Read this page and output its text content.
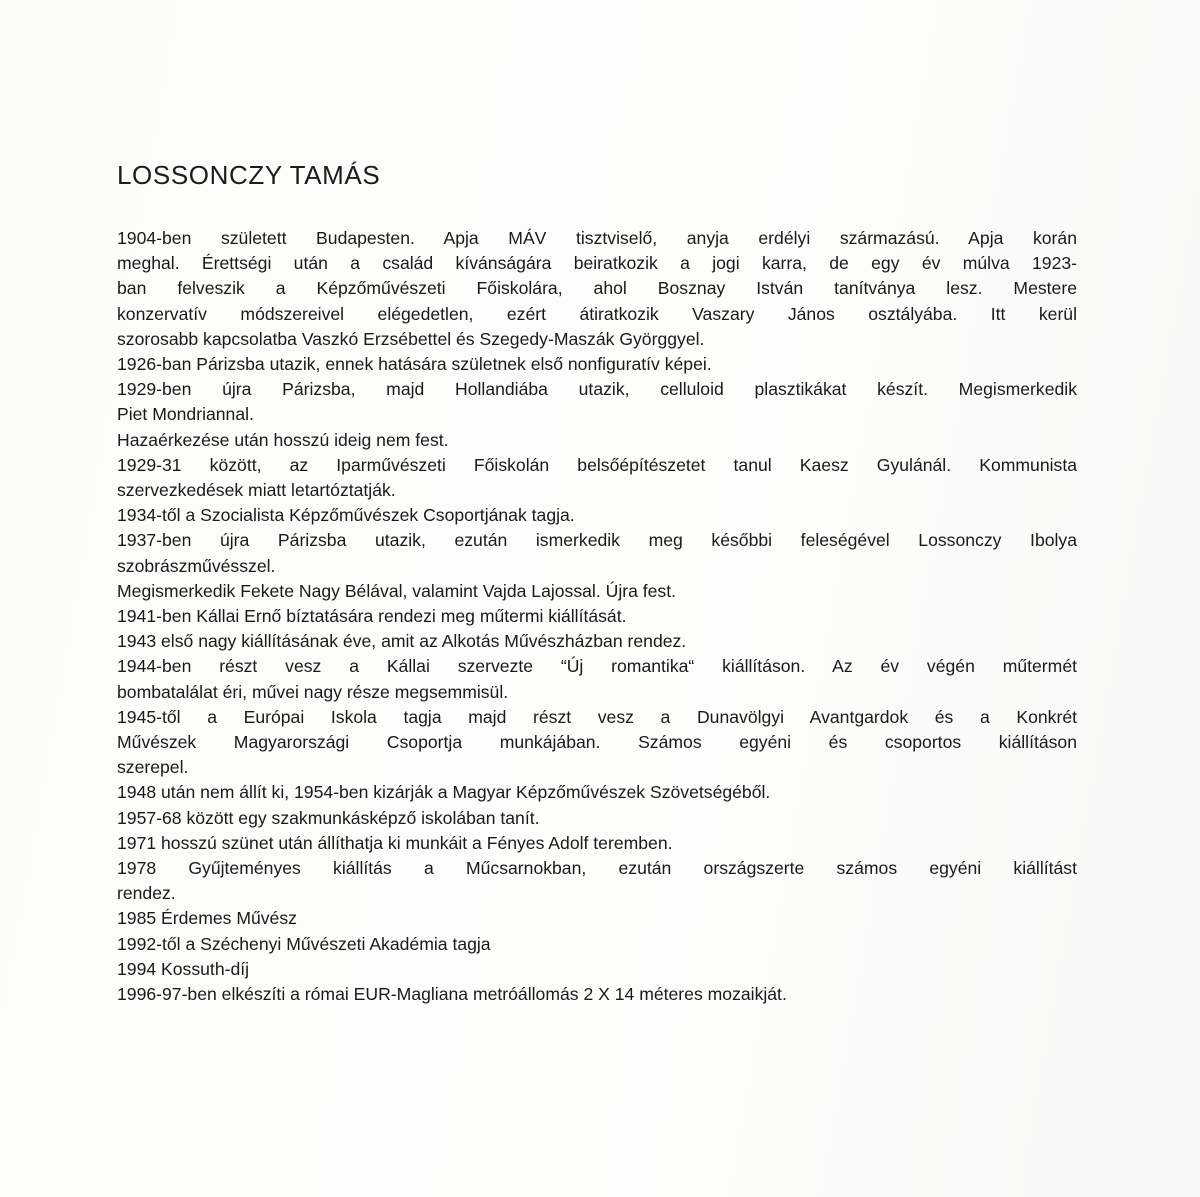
LOSSONCZY TAMÁS
1904-ben született Budapesten. Apja MÁV tisztviselő, anyja erdélyi származású. Apja korán
meghal. Érettségi után a család kívánságára beiratkozik a jogi karra, de egy év múlva 1923-
ban felveszik a Képzőművészeti Főiskolára, ahol Bosznay István tanítványa lesz. Mestere
konzervatív módszereivel elégedetlen, ezért átiratkozik Vaszary János osztályába. Itt kerül
szorosabb kapcsolatba Vaszkó Erzsébettel és Szegedy-Maszák Györggyel.
1926-ban Párizsba utazik, ennek hatására születnek első nonfiguratív képei.
1929-ben újra Párizsba, majd Hollandiába utazik, celluloid plasztikákat készít. Megismerkedik
Piet Mondriannal.
Hazaérkezése után hosszú ideig nem fest.
1929-31 között, az Iparművészeti Főiskolán belsőépítészetet tanul Kaesz Gyulánál. Kommunista
szervezkedések miatt letartóztatják.
1934-től a Szocialista Képzőművészek Csoportjának tagja.
1937-ben újra Párizsba utazik, ezután ismerkedik meg későbbi feleségével Lossonczy Ibolya
szobrászművésszel.
Megismerkedik Fekete Nagy Bélával, valamint Vajda Lajossal. Újra fest.
1941-ben Kállai Ernő bíztatására rendezi meg műtermi kiállítását.
1943 első nagy kiállításának éve, amit az Alkotás Művészházban rendez.
1944-ben részt vesz a Kállai szervezte “Új romantika“ kiállításon. Az év végén műtermét
bombatalálat éri, művei nagy része megsemmisül.
1945-től a Európai Iskola tagja majd részt vesz a Dunavölgyi Avantgardok és a Konkrét
Művészek Magyarországi Csoportja munkájában. Számos egyéni és csoportos kiállításon
szerepel.
1948 után nem állít ki, 1954-ben kizárják a Magyar Képzőművészek Szövetségéből.
1957-68 között egy szakmunkásképző iskolában tanít.
1971 hosszú szünet után állíthatja ki munkáit a Fényes Adolf teremben.
1978 Gyűjteményes kiállítás a Műcsarnokban, ezután országszerte számos egyéni kiállítást
rendez.
1985 Érdemes Művész
1992-től a Széchenyi Művészeti Akadémia tagja
1994 Kossuth-díj
1996-97-ben elkészíti a római EUR-Magliana metróállomás 2 X 14 méteres mozaikját.
